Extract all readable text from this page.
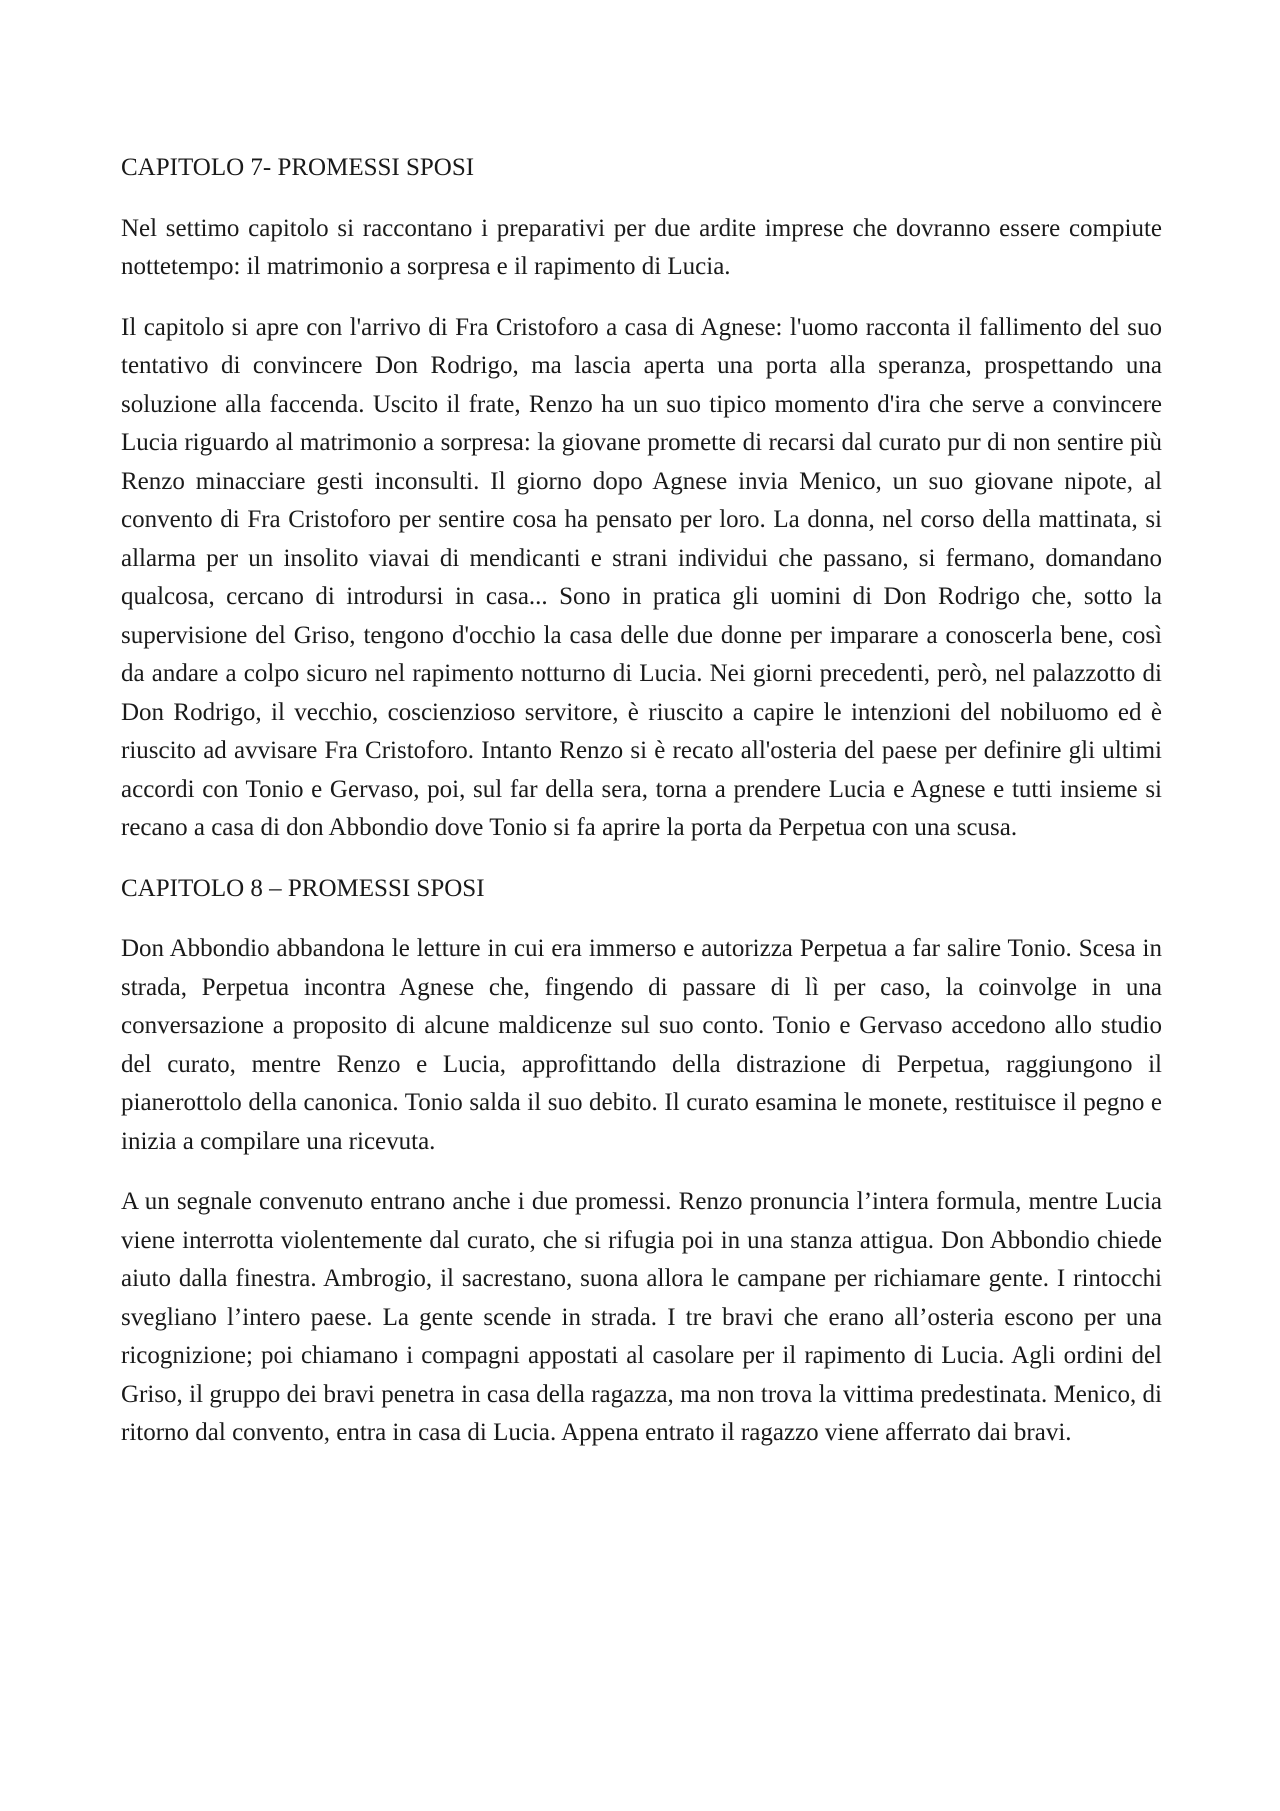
CAPITOLO 7- PROMESSI SPOSI

Nel settimo capitolo si raccontano i preparativi per due ardite imprese che dovranno essere compiute nottetempo: il matrimonio a sorpresa e il rapimento di Lucia.

Il capitolo si apre con l'arrivo di Fra Cristoforo a casa di Agnese: l'uomo racconta il fallimento del suo tentativo di convincere Don Rodrigo, ma lascia aperta una porta alla speranza, prospettando una soluzione alla faccenda. Uscito il frate, Renzo ha un suo tipico momento d'ira che serve a convincere Lucia riguardo al matrimonio a sorpresa: la giovane promette di recarsi dal curato pur di non sentire più Renzo minacciare gesti inconsulti. Il giorno dopo Agnese invia Menico, un suo giovane nipote, al convento di Fra Cristoforo per sentire cosa ha pensato per loro. La donna, nel corso della mattinata, si allarma per un insolito viavai di mendicanti e strani individui che passano, si fermano, domandano qualcosa, cercano di introdursi in casa... Sono in pratica gli uomini di Don Rodrigo che, sotto la supervisione del Griso, tengono d'occhio la casa delle due donne per imparare a conoscerla bene, così da andare a colpo sicuro nel rapimento notturno di Lucia. Nei giorni precedenti, però, nel palazzotto di Don Rodrigo, il vecchio, coscienzioso servitore, è riuscito a capire le intenzioni del nobiluomo ed è riuscito ad avvisare Fra Cristoforo. Intanto Renzo si è recato all'osteria del paese per definire gli ultimi accordi con Tonio e Gervaso, poi, sul far della sera, torna a prendere Lucia e Agnese e tutti insieme si recano a casa di don Abbondio dove Tonio si fa aprire la porta da Perpetua con una scusa.

CAPITOLO 8 – PROMESSI SPOSI

Don Abbondio abbandona le letture in cui era immerso e autorizza Perpetua a far salire Tonio. Scesa in strada, Perpetua incontra Agnese che, fingendo di passare di lì per caso, la coinvolge in una conversazione a proposito di alcune maldicenze sul suo conto. Tonio e Gervaso accedono allo studio del curato, mentre Renzo e Lucia, approfittando della distrazione di Perpetua, raggiungono il pianerottolo della canonica. Tonio salda il suo debito. Il curato esamina le monete, restituisce il pegno e inizia a compilare una ricevuta.

A un segnale convenuto entrano anche i due promessi. Renzo pronuncia l’intera formula, mentre Lucia viene interrotta violentemente dal curato, che si rifugia poi in una stanza attigua. Don Abbondio chiede aiuto dalla finestra. Ambrogio, il sacrestano, suona allora le campane per richiamare gente. I rintocchi svegliano l’intero paese. La gente scende in strada. I tre bravi che erano all’osteria escono per una ricognizione; poi chiamano i compagni appostati al casolare per il rapimento di Lucia. Agli ordini del Griso, il gruppo dei bravi penetra in casa della ragazza, ma non trova la vittima predestinata. Menico, di ritorno dal convento, entra in casa di Lucia. Appena entrato il ragazzo viene afferrato dai bravi.
